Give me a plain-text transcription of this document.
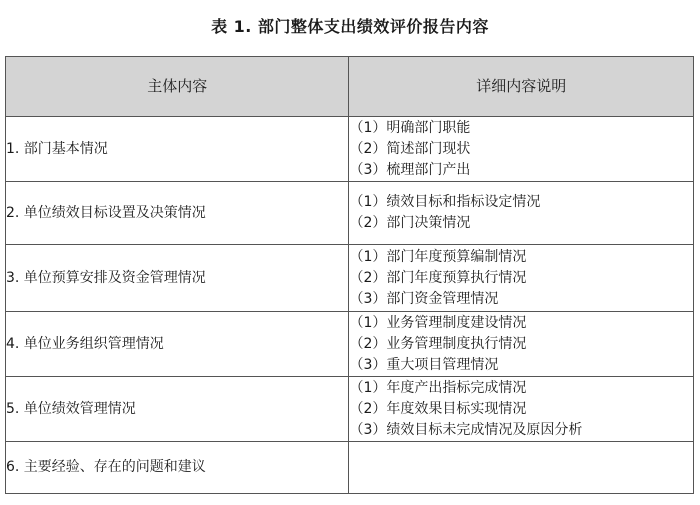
表 1. 部门整体支出绩效评价报告内容
主体内容	详细内容说明
1. 部门基本情况	（1）明确部门职能
（2）简述部门现状
（3）梳理部门产出

2. 单位绩效目标设置及决策情况	（1）绩效目标和指标设定情况
（2）部门决策情况

3. 单位预算安排及资金管理情况	（1）部门年度预算编制情况
（2）部门年度预算执行情况
（3）部门资金管理情况

4. 单位业务组织管理情况	（1）业务管理制度建设情况
（2）业务管理制度执行情况
（3）重大项目管理情况

5. 单位绩效管理情况	（1）年度产出指标完成情况
（2）年度效果目标实现情况
（3）绩效目标未完成情况及原因分析

6. 主要经验、存在的问题和建议	
